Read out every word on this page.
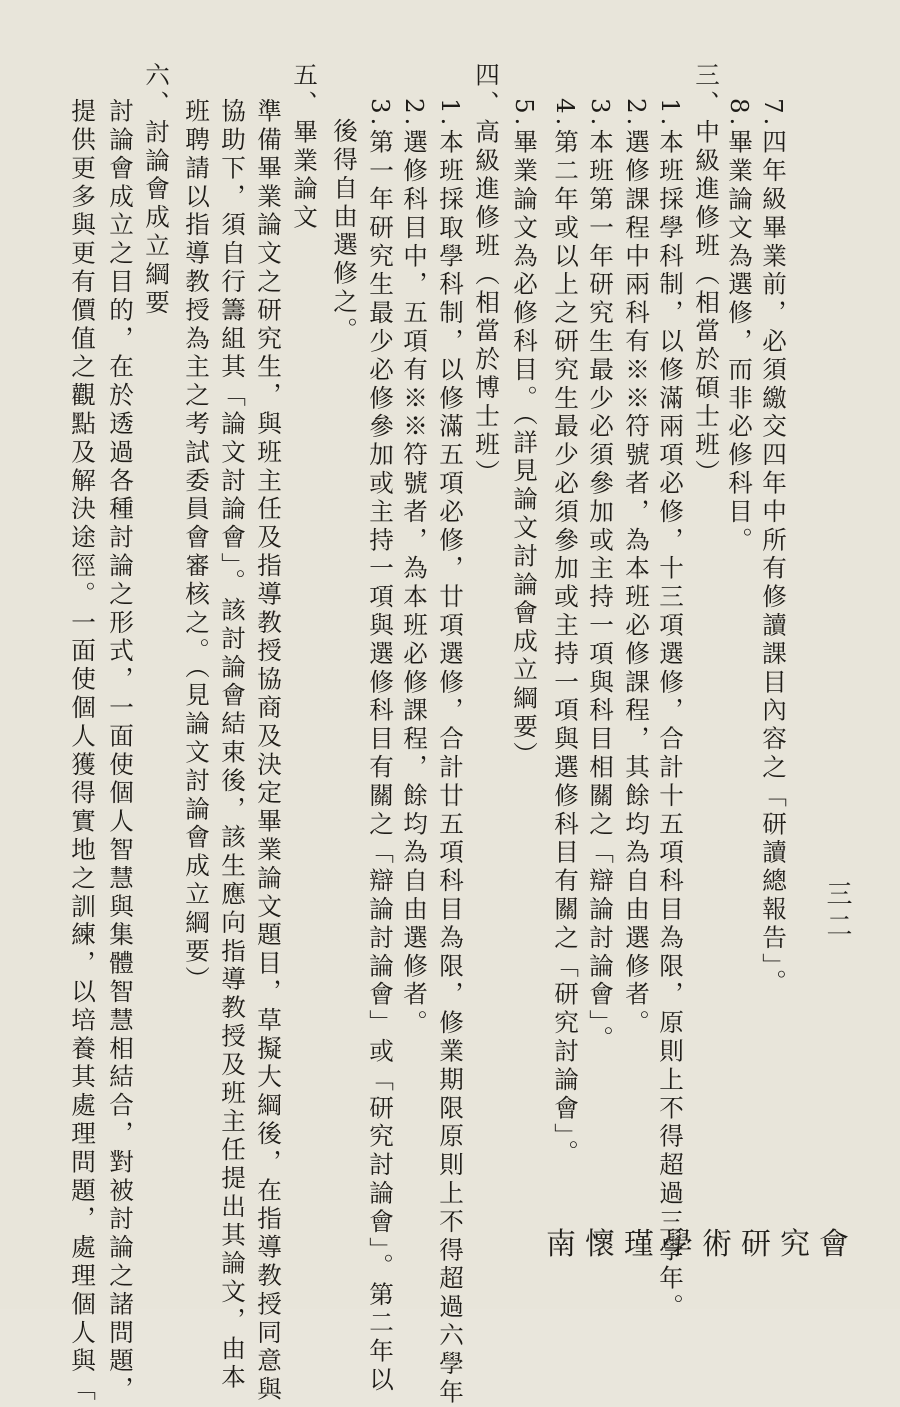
三二
7.四年級畢業前，必須繳交四年中所有修讀課目內容之「研讀總報告」。
8.畢業論文為選修，而非必修科目。
三、中級進修班（相當於碩士班）
1.本班採學科制，以修滿兩項必修，十三項選修，合計十五項科目為限，原則上不得超過三學年。
2.選修課程中兩科有※※符號者，為本班必修課程，其餘均為自由選修者。
3.本班第一年研究生最少必須參加或主持一項與科目相關之「辯論討論會」。
4.第二年或以上之研究生最少必須參加或主持一項與選修科目有關之「研究討論會」。
5.畢業論文為必修科目。（詳見論文討論會成立綱要）
四、高級進修班（相當於博士班）
1.本班採取學科制，以修滿五項必修，廿項選修，合計廿五項科目為限，修業期限原則上不得超過六學年
2.選修科目中，五項有※※符號者，為本班必修課程，餘均為自由選修者。
3.第一年研究生最少必修參加或主持一項與選修科目有關之「辯論討論會」或「研究討論會」。第二年以
後得自由選修之。
五、畢業論文
準備畢業論文之研究生，與班主任及指導教授協商及決定畢業論文題目，草擬大綱後，在指導教授同意與
協助下，須自行籌組其「論文討論會」。該討論會結束後，該生應向指導教授及班主任提出其論文，由本
班聘請以指導教授為主之考試委員會審核之。（見論文討論會成立綱要）
六、討論會成立綱要
討論會成立之目的，在於透過各種討論之形式，一面使個人智慧與集體智慧相結合，對被討論之諸問題，
提供更多與更有價值之觀點及解決途徑。一面使個人獲得實地之訓練，以培養其處理問題，處理個人與「	南懷瑾學術研究會
